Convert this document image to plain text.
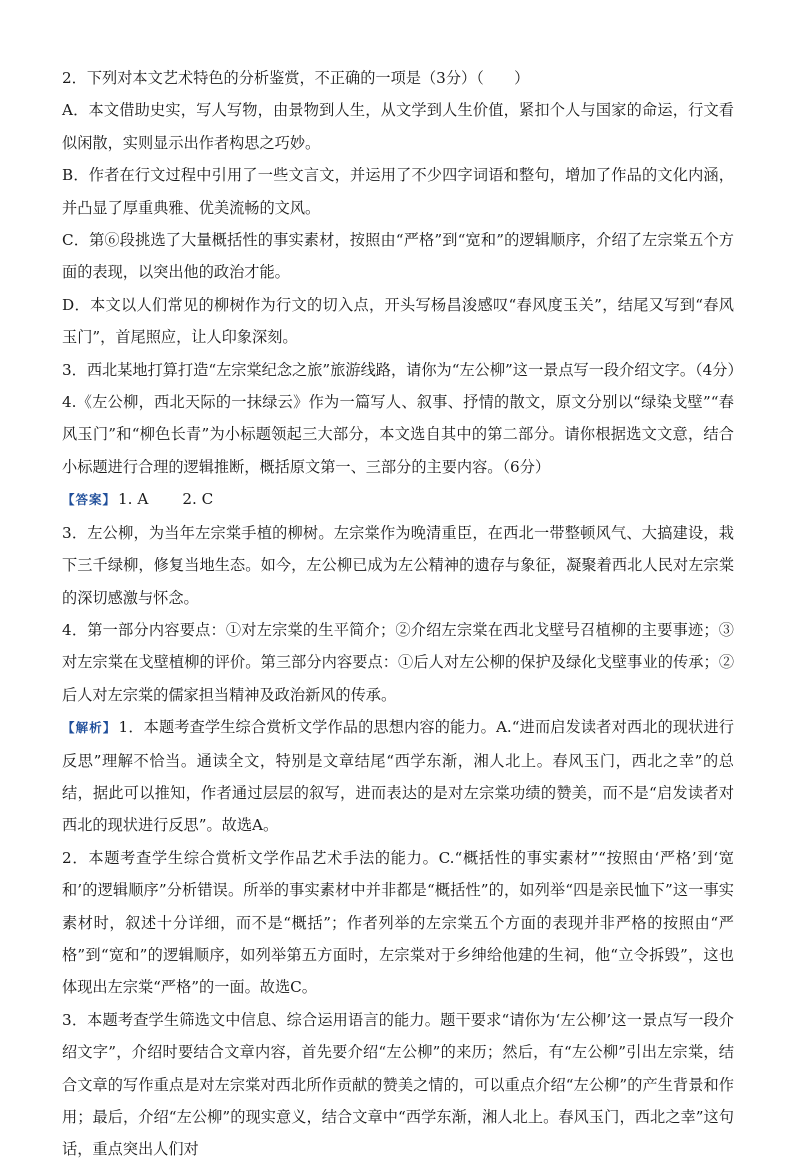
2．下列对本文艺术特色的分析鉴赏，不正确的一项是（3分）（　　）

A．本文借助史实，写人写物，由景物到人生，从文学到人生价值，紧扣个人与国家的命运，行文看似闲散，实则显示出作者构思之巧妙。

B．作者在行文过程中引用了一些文言文，并运用了不少四字词语和整句，增加了作品的文化内涵，并凸显了厚重典雅、优美流畅的文风。

C．第⑥段挑选了大量概括性的事实素材，按照由“严格”到“宽和”的逻辑顺序，介绍了左宗棠五个方面的表现，以突出他的政治才能。

D．本文以人们常见的柳树作为行文的切入点，开头写杨昌浚感叹“春风度玉关”，结尾又写到“春风玉门”，首尾照应，让人印象深刻。

3．西北某地打算打造“左宗棠纪念之旅”旅游线路，请你为“左公柳”这一景点写一段介绍文字。（4分）

4.《左公柳，西北天际的一抹绿云》作为一篇写人、叙事、抒情的散文，原文分别以“绿染戈壁”“春风玉门”和“柳色长青”为小标题领起三大部分，本文选自其中的第二部分。请你根据选文文意，结合小标题进行合理的逻辑推断，概括原文第一、三部分的主要内容。（6分）

【答案】 1. A 2. C

3．左公柳，为当年左宗棠手植的柳树。左宗棠作为晚清重臣，在西北一带整顿风气、大搞建设，栽下三千绿柳，修复当地生态。如今，左公柳已成为左公精神的遗存与象征，凝聚着西北人民对左宗棠的深切感激与怀念。

4．第一部分内容要点：①对左宗棠的生平简介；②介绍左宗棠在西北戈壁号召植柳的主要事迹；③对左宗棠在戈壁植柳的评价。第三部分内容要点：①后人对左公柳的保护及绿化戈壁事业的传承；②后人对左宗棠的儒家担当精神及政治新风的传承。

【解析】 1．本题考查学生综合赏析文学作品的思想内容的能力。A.“进而启发读者对西北的现状进行反思”理解不恰当。通读全文，特别是文章结尾“西学东渐，湘人北上。春风玉门，西北之幸”的总结，据此可以推知，作者通过层层的叙写，进而表达的是对左宗棠功绩的赞美，而不是“启发读者对西北的现状进行反思”。故选A。

2．本题考查学生综合赏析文学作品艺术手法的能力。C.“概括性的事实素材”“按照由‘严格’到‘宽和’的逻辑顺序”分析错误。所举的事实素材中并非都是“概括性”的，如列举“四是亲民恤下”这一事实素材时，叙述十分详细，而不是“概括”；作者列举的左宗棠五个方面的表现并非严格的按照由“严格”到“宽和”的逻辑顺序，如列举第五方面时，左宗棠对于乡绅给他建的生祠，他“立令拆毁”，这也体现出左宗棠“严格”的一面。故选C。

3．本题考查学生筛选文中信息、综合运用语言的能力。题干要求“请你为‘左公柳’这一景点写一段介绍文字”，介绍时要结合文章内容，首先要介绍“左公柳”的来历；然后，有“左公柳”引出左宗棠，结合文章的写作重点是对左宗棠对西北所作贡献的赞美之情的，可以重点介绍“左公柳”的产生背景和作用；最后，介绍“左公柳”的现实意义，结合文章中“西学东渐，湘人北上。春风玉门，西北之幸”这句话，重点突出人们对
